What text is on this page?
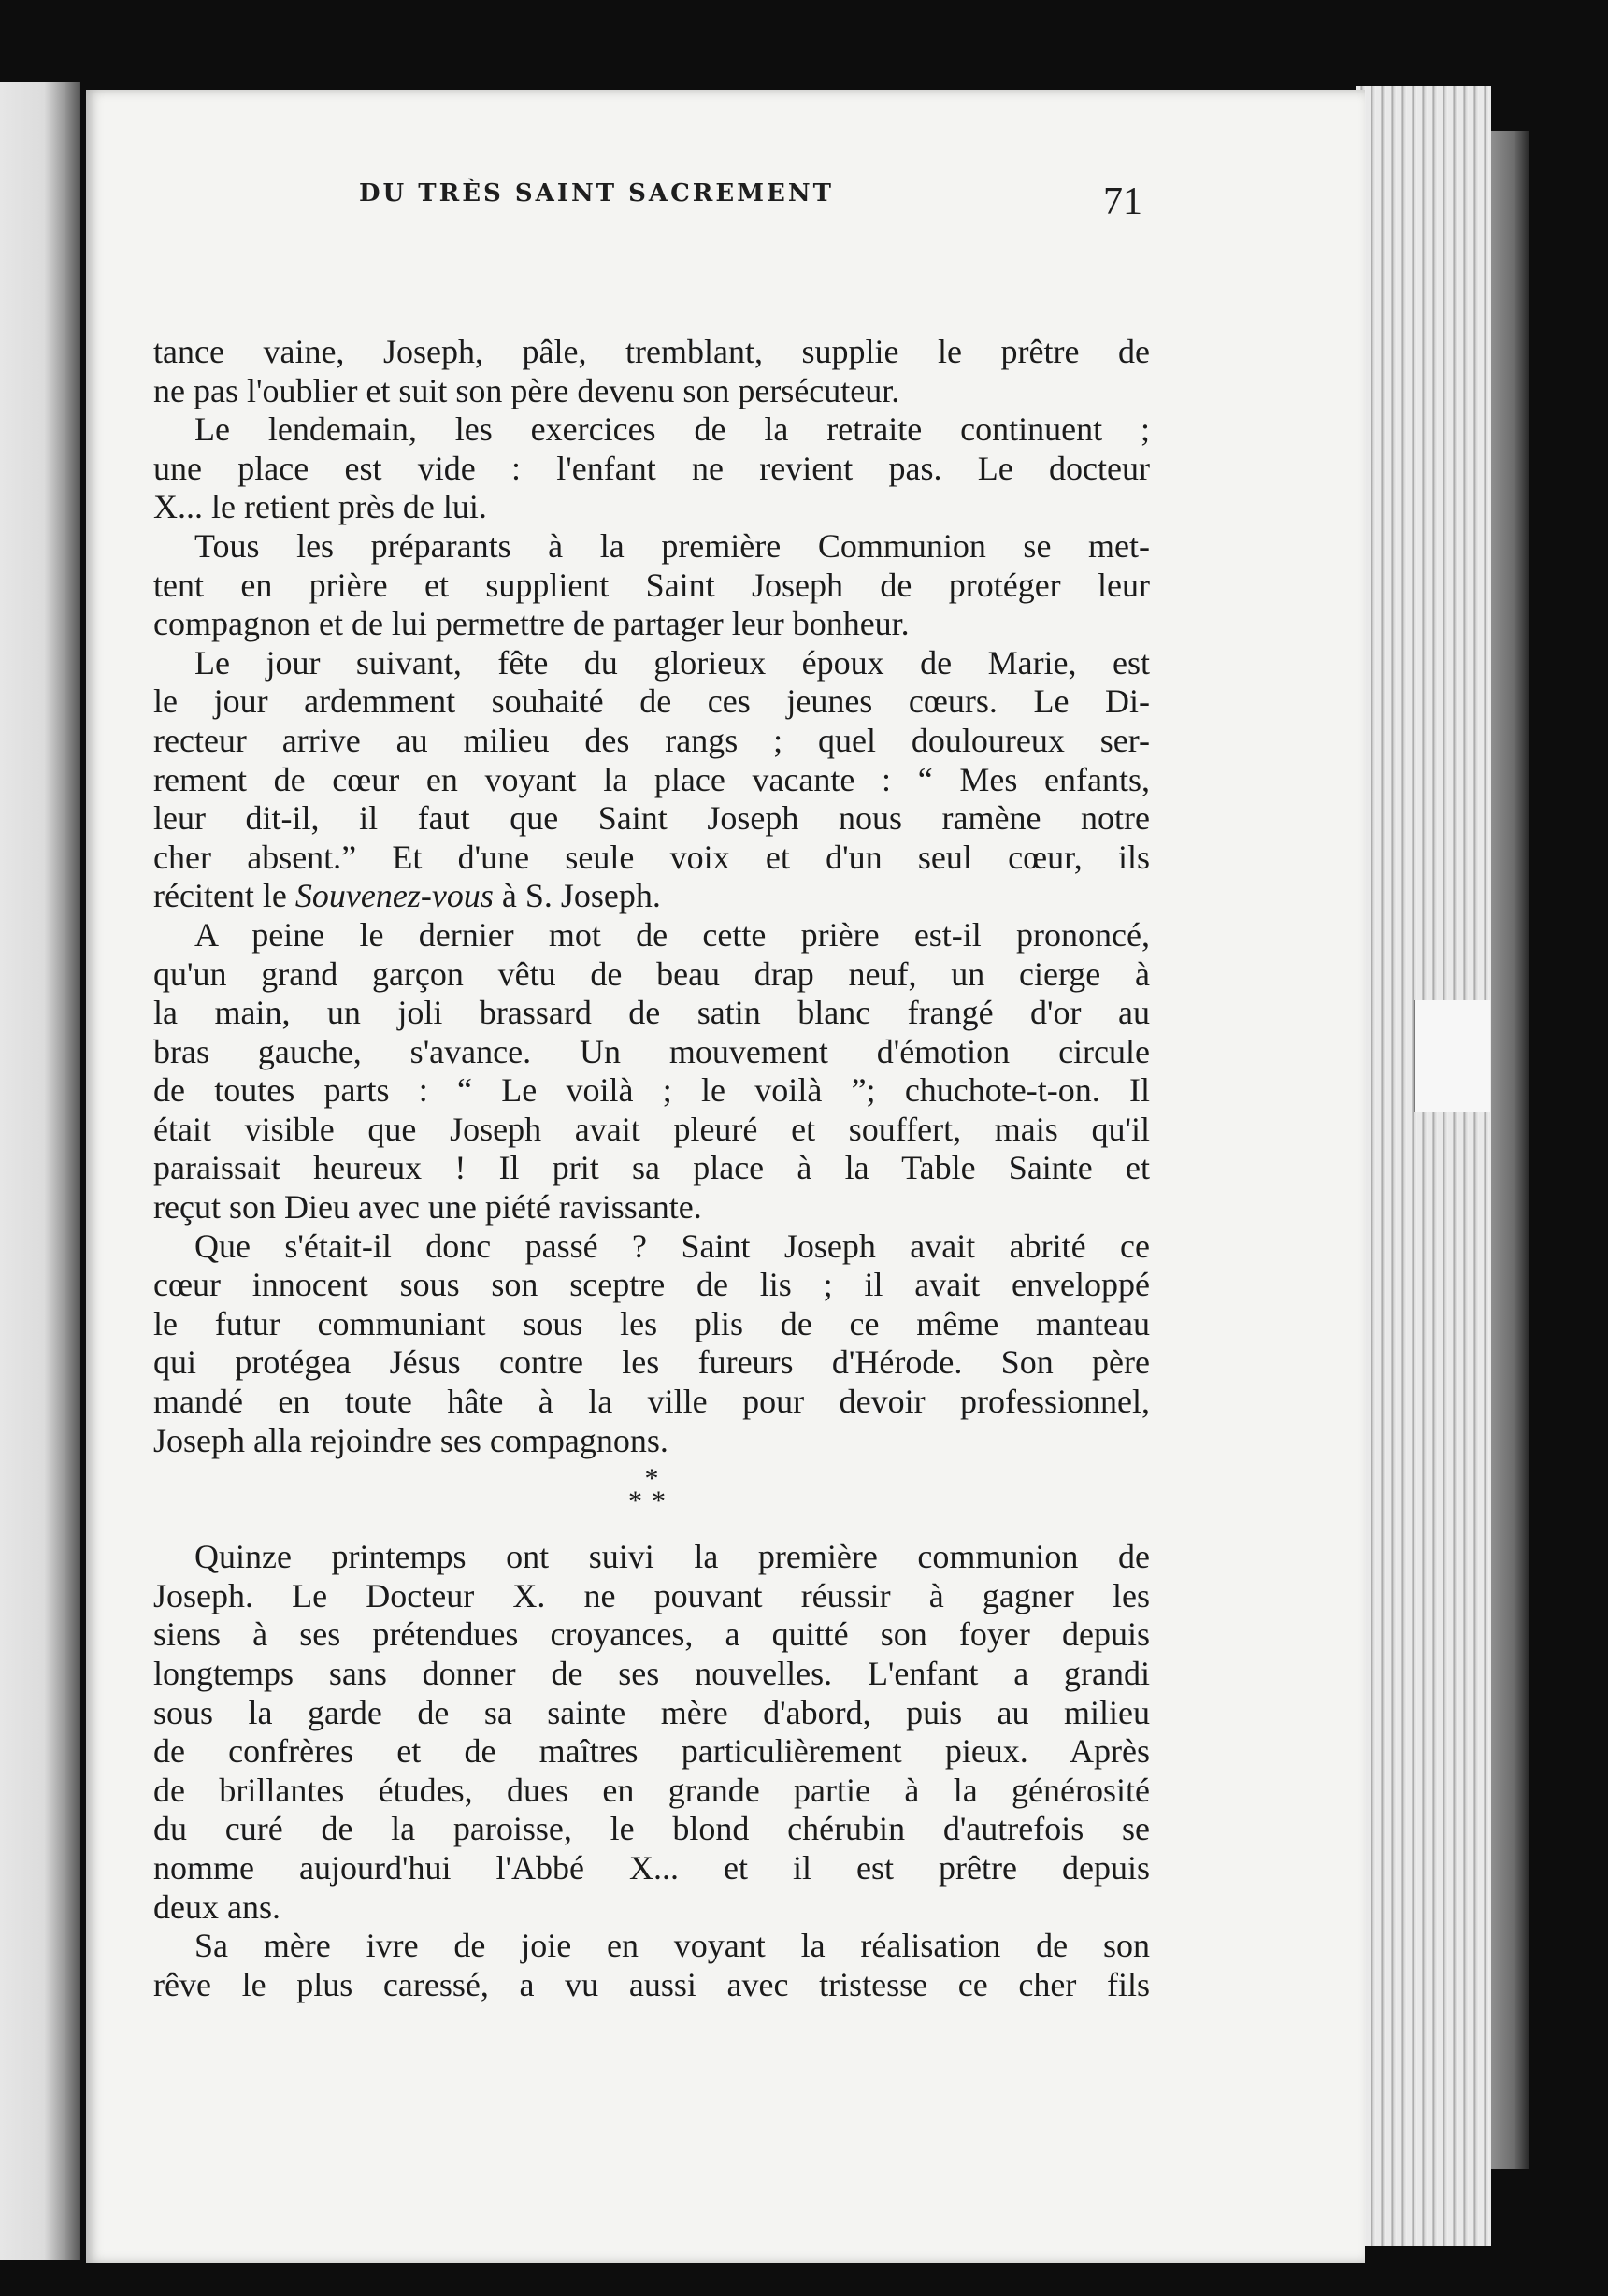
DU TRÈS SAINT SACREMENT	71
tance vaine, Joseph, pâle, tremblant, supplie le prêtre de
ne pas l'oublier et suit son père devenu son persécuteur.
Le lendemain, les exercices de la retraite continuent ;
une place est vide : l'enfant ne revient pas. Le docteur
X... le retient près de lui.
Tous les préparants à la première Communion se met-
tent en prière et supplient Saint Joseph de protéger leur
compagnon et de lui permettre de partager leur bonheur.
Le jour suivant, fête du glorieux époux de Marie, est
le jour ardemment souhaité de ces jeunes cœurs. Le Di-
recteur arrive au milieu des rangs ; quel douloureux ser-
rement de cœur en voyant la place vacante : “ Mes enfants,
leur dit-il, il faut que Saint Joseph nous ramène notre
cher absent.” Et d'une seule voix et d'un seul cœur, ils
récitent le Souvenez-vous à S. Joseph.
A peine le dernier mot de cette prière est-il prononcé,
qu'un grand garçon vêtu de beau drap neuf, un cierge à
la main, un joli brassard de satin blanc frangé d'or au
bras gauche, s'avance. Un mouvement d'émotion circule
de toutes parts : “ Le voilà ; le voilà ”; chuchote-t-on. Il
était visible que Joseph avait pleuré et souffert, mais qu'il
paraissait heureux ! Il prit sa place à la Table Sainte et
reçut son Dieu avec une piété ravissante.
Que s'était-il donc passé ? Saint Joseph avait abrité ce
cœur innocent sous son sceptre de lis ; il avait enveloppé
le futur communiant sous les plis de ce même manteau
qui protégea Jésus contre les fureurs d'Hérode. Son père
mandé en toute hâte à la ville pour devoir professionnel,
Joseph alla rejoindre ses compagnons.
*
**
Quinze printemps ont suivi la première communion de
Joseph. Le Docteur X. ne pouvant réussir à gagner les
siens à ses prétendues croyances, a quitté son foyer depuis
longtemps sans donner de ses nouvelles. L'enfant a grandi
sous la garde de sa sainte mère d'abord, puis au milieu
de confrères et de maîtres particulièrement pieux. Après
de brillantes études, dues en grande partie à la générosité
du curé de la paroisse, le blond chérubin d'autrefois se
nomme aujourd'hui l'Abbé X... et il est prêtre depuis
deux ans.
Sa mère ivre de joie en voyant la réalisation de son
rêve le plus caressé, a vu aussi avec tristesse ce cher fils
